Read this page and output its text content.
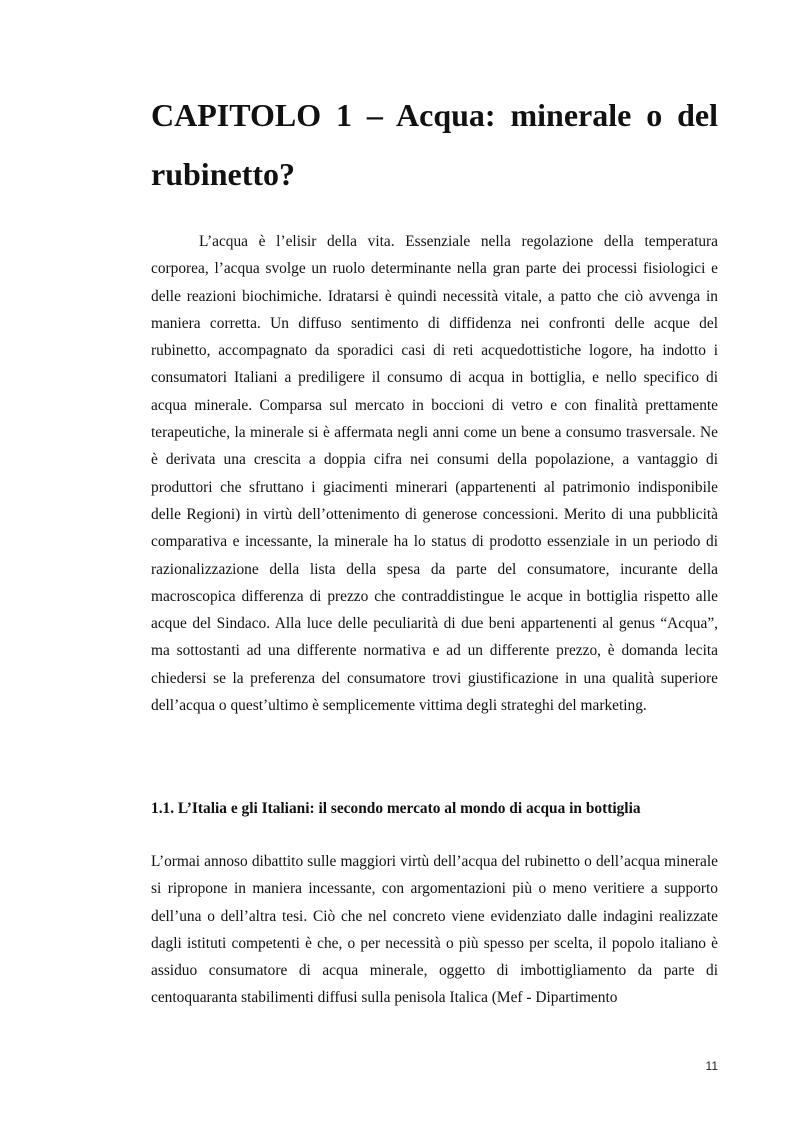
CAPITOLO 1 – Acqua: minerale o del rubinetto?

L’acqua è l’elisir della vita. Essenziale nella regolazione della temperatura corporea, l’acqua svolge un ruolo determinante nella gran parte dei processi fisiologici e delle reazioni biochimiche. Idratarsi è quindi necessità vitale, a patto che ciò avvenga in maniera corretta. Un diffuso sentimento di diffidenza nei confronti delle acque del rubinetto, accompagnato da sporadici casi di reti acquedottistiche logore, ha indotto i consumatori Italiani a prediligere il consumo di acqua in bottiglia, e nello specifico di acqua minerale. Comparsa sul mercato in boccioni di vetro e con finalità prettamente terapeutiche, la minerale si è affermata negli anni come un bene a consumo trasversale. Ne è derivata una crescita a doppia cifra nei consumi della popolazione, a vantaggio di produttori che sfruttano i giacimenti minerari (appartenenti al patrimonio indisponibile delle Regioni) in virtù dell’ottenimento di generose concessioni. Merito di una pubblicità comparativa e incessante, la minerale ha lo status di prodotto essenziale in un periodo di razionalizzazione della lista della spesa da parte del consumatore, incurante della macroscopica differenza di prezzo che contraddistingue le acque in bottiglia rispetto alle acque del Sindaco. Alla luce delle peculiarità di due beni appartenenti al genus “Acqua”, ma sottostanti ad una differente normativa e ad un differente prezzo, è domanda lecita chiedersi se la preferenza del consumatore trovi giustificazione in una qualità superiore dell’acqua o quest’ultimo è semplicemente vittima degli strateghi del marketing.

1.1. L’Italia e gli Italiani: il secondo mercato al mondo di acqua in bottiglia

L’ormai annoso dibattito sulle maggiori virtù dell’acqua del rubinetto o dell’acqua minerale si ripropone in maniera incessante, con argomentazioni più o meno veritiere a supporto dell’una o dell’altra tesi. Ciò che nel concreto viene evidenziato dalle indagini realizzate dagli istituti competenti è che, o per necessità o più spesso per scelta, il popolo italiano è assiduo consumatore di acqua minerale, oggetto di imbottigliamento da parte di centoquaranta stabilimenti diffusi sulla penisola Italica (Mef - Dipartimento

11
